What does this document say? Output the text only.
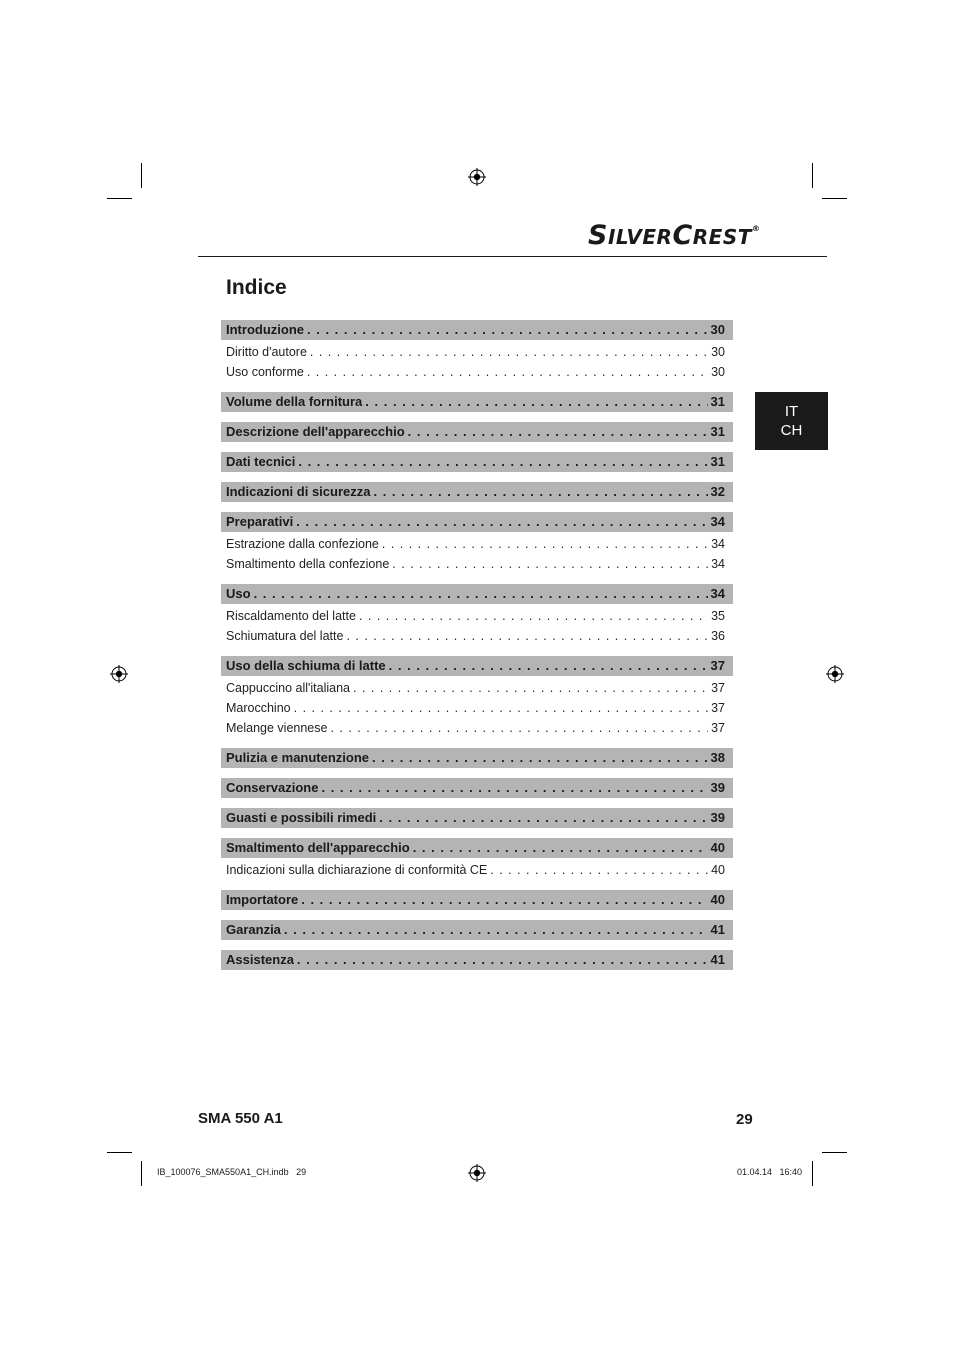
SILVERCREST®
Indice
IT
CH
Introduzione . . .	30
Diritto d'autore . . .	30
Uso conforme . . .	30
Volume della fornitura . . .	31
Descrizione dell'apparecchio . . .	31
Dati tecnici . . .	31
Indicazioni di sicurezza . . .	32
Preparativi . . .	34
Estrazione dalla confezione . . .	34
Smaltimento della confezione . . .	34
Uso . . .	34
Riscaldamento del latte . . .	35
Schiumatura del latte . . .	36
Uso della schiuma di latte . . .	37
Cappuccino all'italiana . . .	37
Marocchino . . .	37
Melange viennese . . .	37
Pulizia e manutenzione . . .	38
Conservazione . . .	39
Guasti e possibili rimedi . . .	39
Smaltimento dell'apparecchio . . .	40
Indicazioni sulla dichiarazione di conformità CE . . .	40
Importatore . . .	40
Garanzia . . .	41
Assistenza . . .	41
SMA 550 A1	29
IB_100076_SMA550A1_CH.indb   29	01.04.14   16:40
